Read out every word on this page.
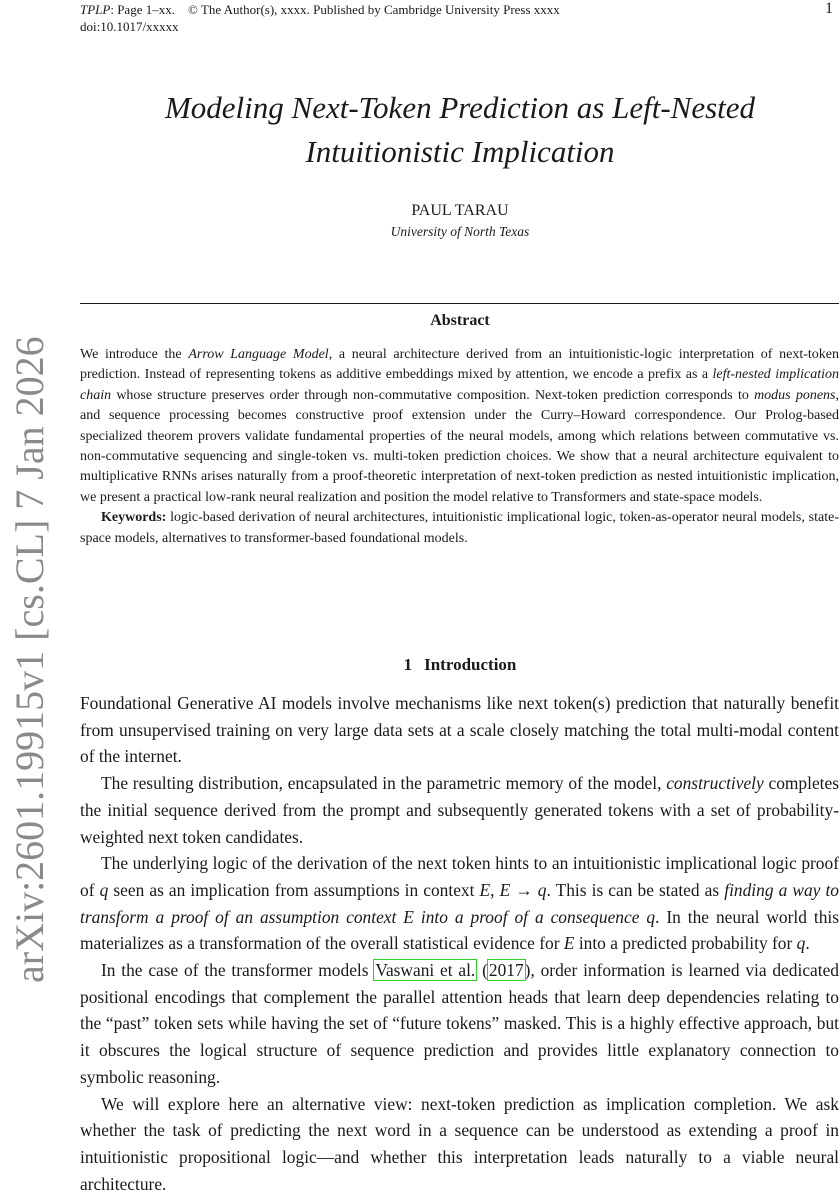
TPLP: Page 1–xx. © The Author(s), xxxx. Published by Cambridge University Press xxxx
doi:10.1017/xxxxx
1
arXiv:2601.19915v1 [cs.CL] 7 Jan 2026
Modeling Next-Token Prediction as Left-Nested
Intuitionistic Implication
PAUL TARAU
University of North Texas
Abstract

We introduce the Arrow Language Model, a neural architecture derived from an intuitionistic-logic interpretation of next-token prediction. Instead of representing tokens as additive embeddings mixed by attention, we encode a prefix as a left-nested implication chain whose structure preserves order through non-commutative composition. Next-token prediction corresponds to modus ponens, and sequence processing becomes constructive proof extension under the Curry–Howard correspondence. Our Prolog-based specialized theorem provers validate fundamental properties of the neural models, among which relations between commutative vs. non-commutative sequencing and single-token vs. multi-token prediction choices. We show that a neural architecture equivalent to multiplicative RNNs arises naturally from a proof-theoretic interpretation of next-token prediction as nested intuitionistic implication, we present a practical low-rank neural realization and position the model relative to Transformers and state-space models.

Keywords: logic-based derivation of neural architectures, intuitionistic implicational logic, token-as-operator neural models, state-space models, alternatives to transformer-based foundational models.

1 Introduction

Foundational Generative AI models involve mechanisms like next token(s) prediction that naturally benefit from unsupervised training on very large data sets at a scale closely matching the total multi-modal content of the internet.

The resulting distribution, encapsulated in the parametric memory of the model, constructively completes the initial sequence derived from the prompt and subsequently generated tokens with a set of probability-weighted next token candidates.

The underlying logic of the derivation of the next token hints to an intuitionistic implicational logic proof of q seen as an implication from assumptions in context E, E → q. This is can be stated as finding a way to transform a proof of an assumption context E into a proof of a consequence q. In the neural world this materializes as a transformation of the overall statistical evidence for E into a predicted probability for q.

In the case of the transformer models Vaswani et al. (2017), order information is learned via dedicated positional encodings that complement the parallel attention heads that learn deep dependencies relating to the “past” token sets while having the set of “future tokens” masked. This is a highly effective approach, but it obscures the logical structure of sequence prediction and provides little explanatory connection to symbolic reasoning.

We will explore here an alternative view: next-token prediction as implication completion. We ask whether the task of predicting the next word in a sequence can be understood as extending a proof in intuitionistic propositional logic—and whether this interpretation leads naturally to a viable neural architecture.
